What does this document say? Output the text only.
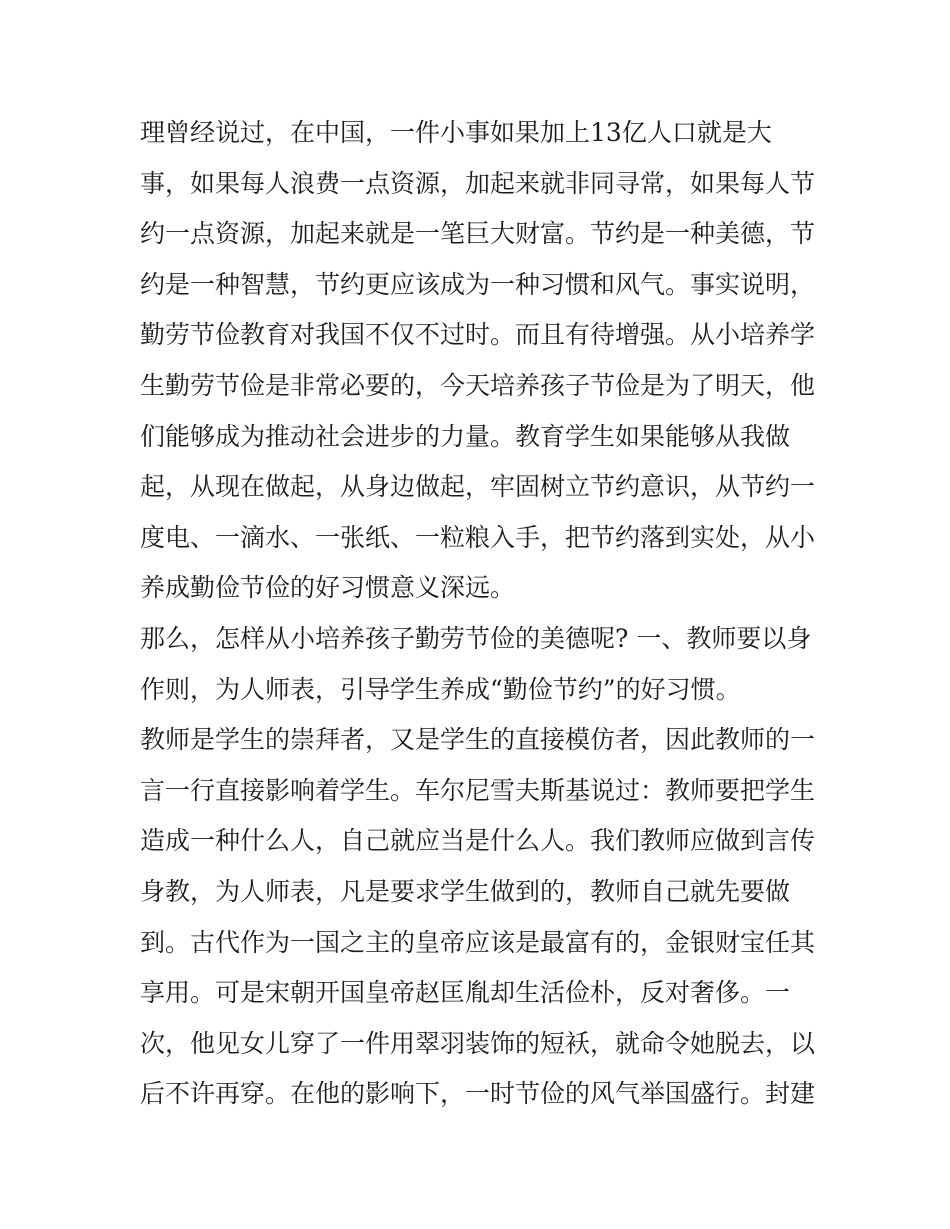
理曾经说过，在中国，一件小事如果加上13亿人口就是大
事，如果每人浪费一点资源，加起来就非同寻常，如果每人节
约一点资源，加起来就是一笔巨大财富。节约是一种美德，节
约是一种智慧，节约更应该成为一种习惯和风气。事实说明，
勤劳节俭教育对我国不仅不过时。而且有待增强。从小培养学
生勤劳节俭是非常必要的，今天培养孩子节俭是为了明天，他
们能够成为推动社会进步的力量。教育学生如果能够从我做
起，从现在做起，从身边做起，牢固树立节约意识，从节约一
度电、一滴水、一张纸、一粒粮入手，把节约落到实处，从小
养成勤俭节俭的好习惯意义深远。
那么，怎样从小培养孩子勤劳节俭的美德呢? 一、教师要以身
作则，为人师表，引导学生养成“勤俭节约”的好习惯。
教师是学生的崇拜者，又是学生的直接模仿者，因此教师的一
言一行直接影响着学生。车尔尼雪夫斯基说过：教师要把学生
造成一种什么人，自己就应当是什么人。我们教师应做到言传
身教，为人师表，凡是要求学生做到的，教师自己就先要做
到。古代作为一国之主的皇帝应该是最富有的，金银财宝任其
享用。可是宋朝开国皇帝赵匡胤却生活俭朴，反对奢侈。一
次，他见女儿穿了一件用翠羽装饰的短袄，就命令她脱去，以
后不许再穿。在他的影响下，一时节俭的风气举国盛行。封建
